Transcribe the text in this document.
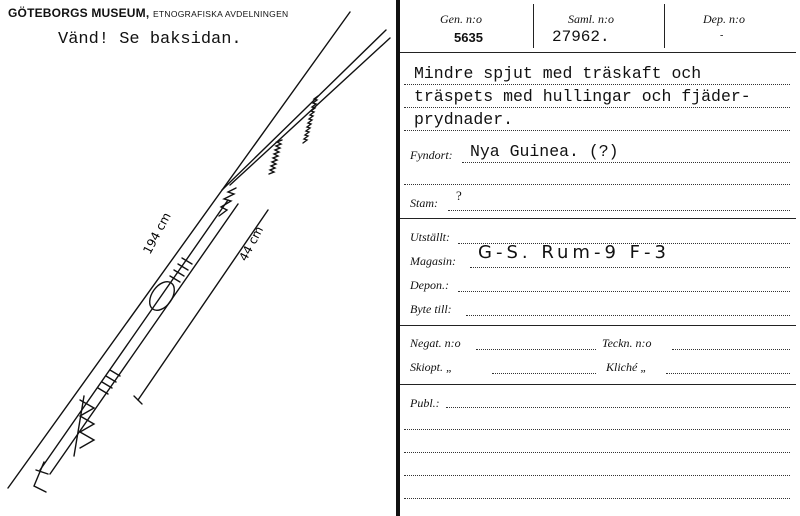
GÖTEBORGS MUSEUM, ETNOGRAFISKA AVDELNINGEN
Vänd! Se baksidan.
194 cm	44 cm
Gen. n:o
5635
Saml. n:o
27962.
Dep. n:o
-
Mindre spjut med träskaft och
träspets med hullingar och fjäder-
prydnader.
Fyndort: Nya Guinea. (?)
Stam: ?
Utställt:
Magasin: G-S. Rum-9 F-3
Depon.:
Byte till:
Negat. n:o	Teckn. n:o
Skiopt. „	Kliché „
Publ.:
